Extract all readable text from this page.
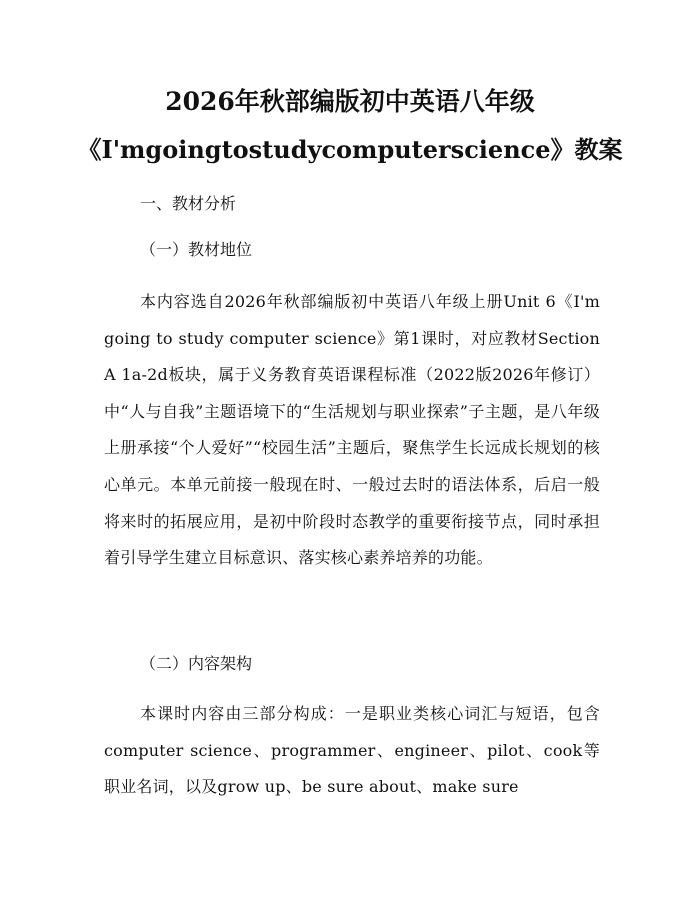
2026年秋部编版初中英语八年级
《I'mgoingtostudycomputerscience》教案
一、教材分析
（一）教材地位
本内容选自2026年秋部编版初中英语八年级上册Unit 6《I'm going to study computer science》第1课时，对应教材Section A 1a-2d板块，属于义务教育英语课程标准（2022版2026年修订）中“人与自我”主题语境下的“生活规划与职业探索”子主题，是八年级上册承接“个人爱好”“校园生活”主题后，聚焦学生长远成长规划的核心单元。本单元前接一般现在时、一般过去时的语法体系，后启一般将来时的拓展应用，是初中阶段时态教学的重要衔接节点，同时承担着引导学生建立目标意识、落实核心素养培养的功能。
（二）内容架构
本课时内容由三部分构成：一是职业类核心词汇与短语，包含computer science、programmer、engineer、pilot、cook等职业名词，以及grow up、be sure about、make sure
